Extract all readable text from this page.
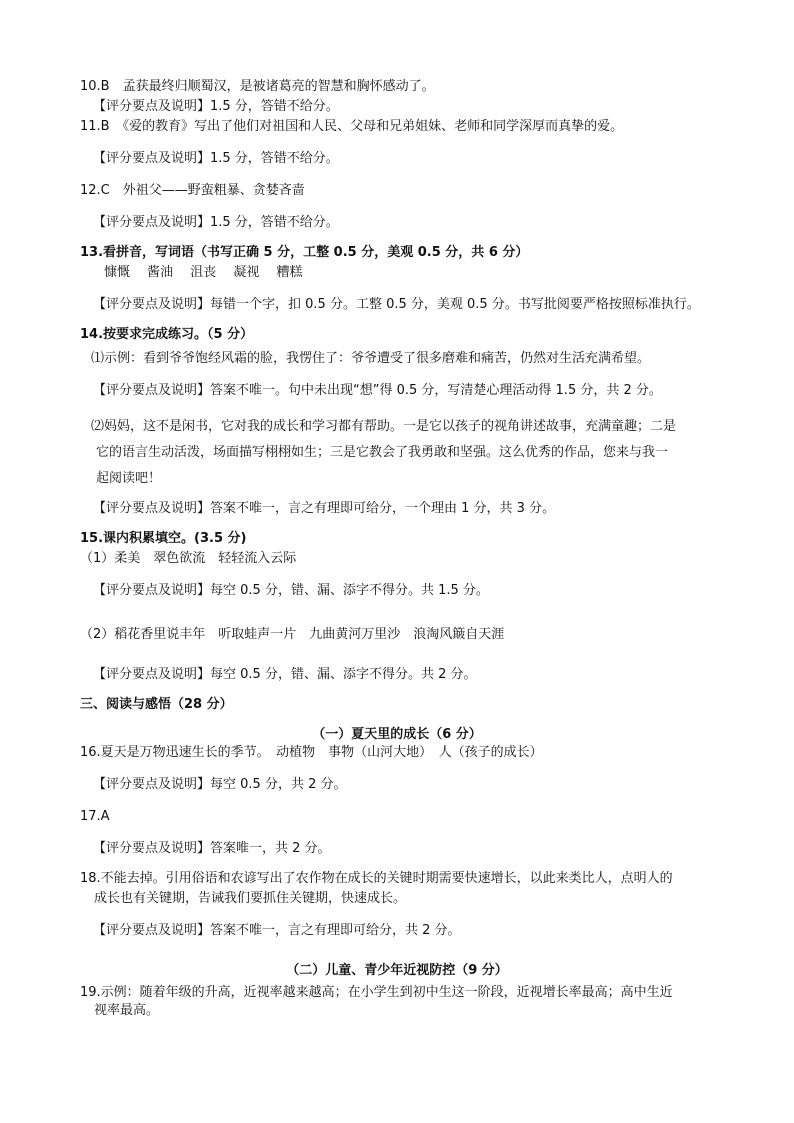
10.B　孟获最终归顺蜀汉，是被诸葛亮的智慧和胸怀感动了。
【评分要点及说明】1.5 分，答错不给分。
11.B　《爱的教育》写出了他们对祖国和人民、父母和兄弟姐妹、老师和同学深厚而真挚的爱。
【评分要点及说明】1.5 分，答错不给分。
12.C　外祖父——野蛮粗暴、贪婪吝啬
【评分要点及说明】1.5 分，答错不给分。
13.看拼音，写词语（书写正确 5 分，工整 0.5 分，美观 0.5 分，共 6 分）
慷慨　 酱油　 沮丧　 凝视　 糟糕
【评分要点及说明】每错一个字，扣 0.5 分。工整 0.5 分，美观 0.5 分。书写批阅要严格按照标准执行。
14.按要求完成练习。（5 分）
⑴示例：看到爷爷饱经风霜的脸，我愣住了：爷爷遭受了很多磨难和痛苦，仍然对生活充满希望。
【评分要点及说明】答案不唯一。句中未出现“想”得 0.5 分，写清楚心理活动得 1.5 分，共 2 分。
⑵妈妈，这不是闲书，它对我的成长和学习都有帮助。一是它以孩子的视角讲述故事，充满童趣；二是
它的语言生动活泼，场面描写栩栩如生；三是它教会了我勇敢和坚强。这么优秀的作品，您来与我一
起阅读吧！
【评分要点及说明】答案不唯一，言之有理即可给分，一个理由 1 分，共 3 分。
15.课内积累填空。(3.5 分)
（1）柔美　翠色欲流　轻轻流入云际
【评分要点及说明】每空 0.5 分，错、漏、添字不得分。共 1.5 分。
（2）稻花香里说丰年　听取蛙声一片　九曲黄河万里沙　浪淘风簸自天涯
【评分要点及说明】每空 0.5 分，错、漏、添字不得分。共 2 分。
三、阅读与感悟（28 分）
（一）夏天里的成长（6 分）
16.夏天是万物迅速生长的季节。　动植物　事物（山河大地）　人（孩子的成长）
【评分要点及说明】每空 0.5 分，共 2 分。
17.A
【评分要点及说明】答案唯一，共 2 分。
18.不能去掉。引用俗语和农谚写出了农作物在成长的关键时期需要快速增长，以此来类比人，点明人的
成长也有关键期，告诫我们要抓住关键期，快速成长。
【评分要点及说明】答案不唯一，言之有理即可给分，共 2 分。
（二）儿童、青少年近视防控（9 分）
19.示例：随着年级的升高，近视率越来越高；在小学生到初中生这一阶段，近视增长率最高；高中生近
视率最高。
